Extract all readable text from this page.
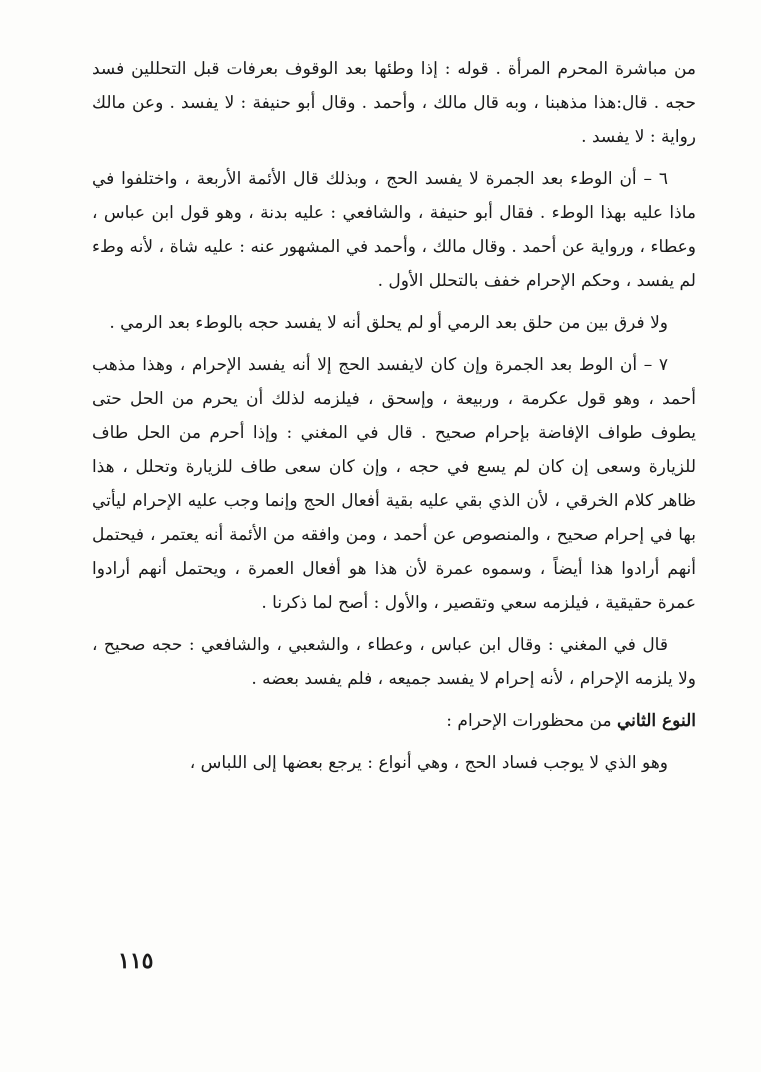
من مباشرة المحرم المرأة . قوله : إذا وطئها بعد الوقوف بعرفات قبل التحللين فسد حجه . قال:هذا مذهبنا ، وبه قال مالك ، وأحمد . وقال أبو حنيفة : لا يفسد . وعن مالك رواية : لا يفسد .

٦ – أن الوطء بعد الجمرة لا يفسد الحج ، وبذلك قال الأئمة الأربعة ، واختلفوا في ماذا عليه بهذا الوطء . فقال أبو حنيفة ، والشافعي : عليه بدنة ، وهو قول ابن عباس ، وعطاء ، ورواية عن أحمد . وقال مالك ، وأحمد في المشهور عنه : عليه شاة ، لأنه وطء لم يفسد ، وحكم الإحرام خفف بالتحلل الأول .

ولا فرق بين من حلق بعد الرمي أو لم يحلق أنه لا يفسد حجه بالوطء بعد الرمي .

٧ – أن الوط بعد الجمرة وإن كان لايفسد الحج إلا أنه يفسد الإحرام ، وهذا مذهب أحمد ، وهو قول عكرمة ، وربيعة ، وإسحق ، فيلزمه لذلك أن يحرم من الحل حتى يطوف طواف الإفاضة بإحرام صحيح . قال في المغني : وإذا أحرم من الحل طاف للزيارة وسعى إن كان لم يسع في حجه ، وإن كان سعى طاف للزيارة وتحلل ، هذا ظاهر كلام الخرقي ، لأن الذي بقي عليه بقية أفعال الحج وإنما وجب عليه الإحرام ليأتي بها في إحرام صحيح ، والمنصوص عن أحمد ، ومن وافقه من الأئمة أنه يعتمر ، فيحتمل أنهم أرادوا هذا أيضاً ، وسموه عمرة لأن هذا هو أفعال العمرة ، ويحتمل أنهم أرادوا عمرة حقيقية ، فيلزمه سعي وتقصير ، والأول : أصح لما ذكرنا .

قال في المغني : وقال ابن عباس ، وعطاء ، والشعبي ، والشافعي : حجه صحيح ، ولا يلزمه الإحرام ، لأنه إحرام لا يفسد جميعه ، فلم يفسد بعضه .

النوع الثاني من محظورات الإحرام :

وهو الذي لا يوجب فساد الحج ، وهي أنواع : يرجع بعضها إلى اللباس ،

١١٥
